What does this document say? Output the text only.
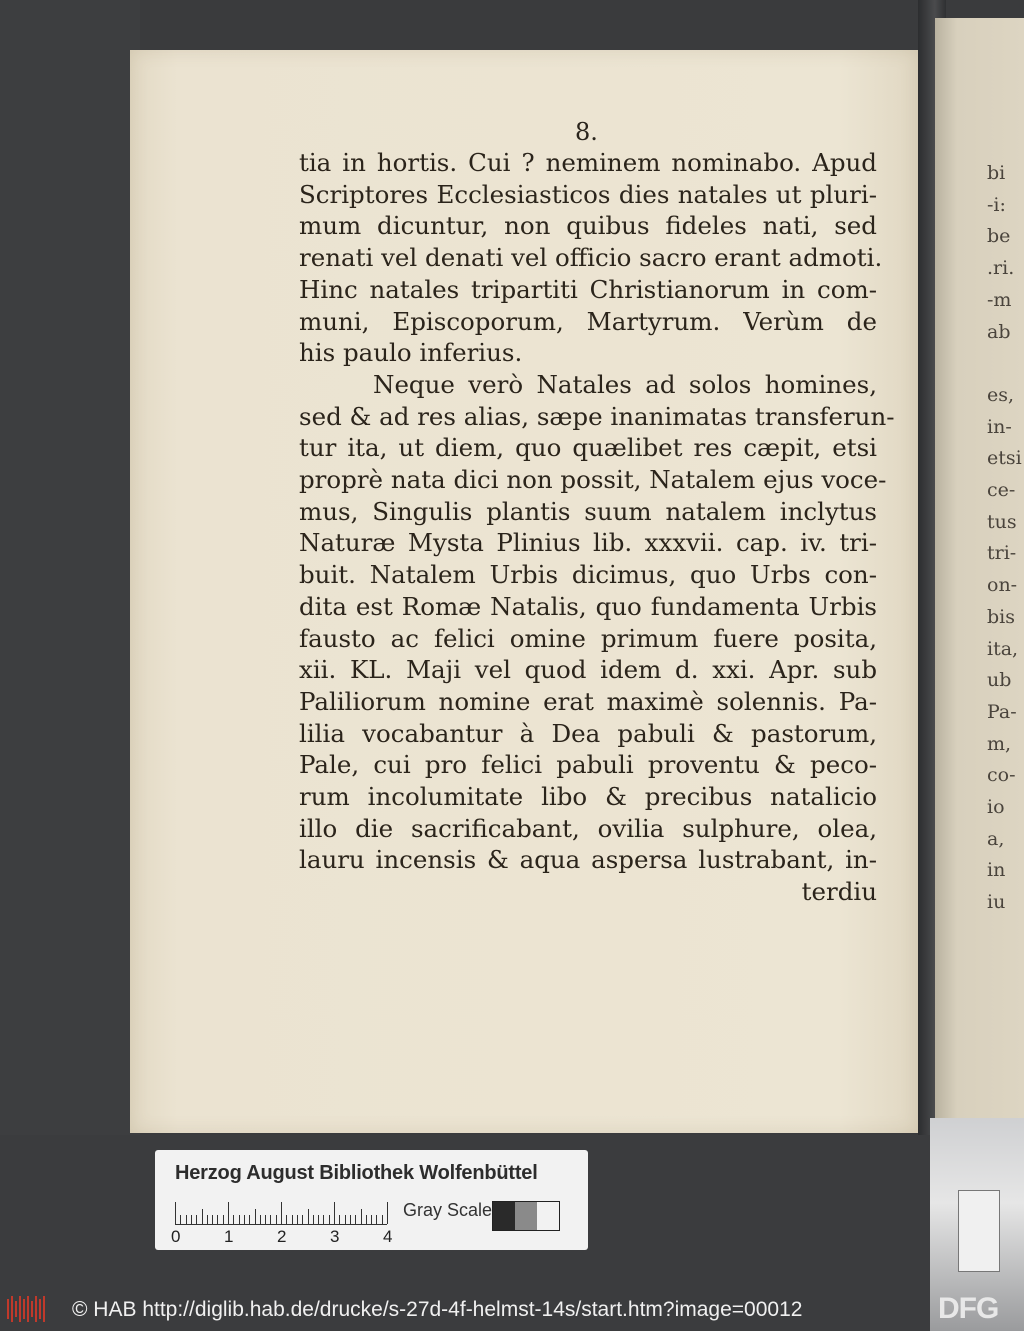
bi
-i:
be
.ri.
-m
ab

es,
in-
etsi
ce-
tus
tri-
on-
bis
ita,
ub
Pa-
m,
co-
io
a,
in
iu
8.
tia in hortis. Cui ? neminem nominabo. Apud
Scriptores Ecclesiasticos dies natales ut pluri-
mum dicuntur, non quibus fideles nati, sed
renati vel denati vel officio sacro erant admoti.
Hinc natales tripartiti Christianorum in com-
muni, Episcoporum, Martyrum. Verùm de
his paulo inferius.
Neque verò Natales ad solos homines,
sed & ad res alias, sæpe inanimatas transferun-
tur ita, ut diem, quo quælibet res cæpit, etsi
proprè nata dici non possit, Natalem ejus voce-
mus, Singulis plantis suum natalem inclytus
Naturæ Mysta Plinius lib. xxxvii. cap. iv. tri-
buit. Natalem Urbis dicimus, quo Urbs con-
dita est Romæ Natalis, quo fundamenta Urbis
fausto ac felici omine primum fuere posita,
xii. KL. Maji vel quod idem d. xxi. Apr. sub
Paliliorum nomine erat maximè solennis. Pa-
lilia vocabantur à Dea pabuli & pastorum,
Pale, cui pro felici pabuli proventu & peco-
rum incolumitate libo & precibus natalicio
illo die sacrificabant, ovilia sulphure, olea,
lauru incensis & aqua aspersa lustrabant, in-
terdiu
Herzog August Bibliothek Wolfenbüttel
0	1	2	3	4
Gray Scale
© HAB http://diglib.hab.de/drucke/s-27d-4f-helmst-14s/start.htm?image=00012	DFG
